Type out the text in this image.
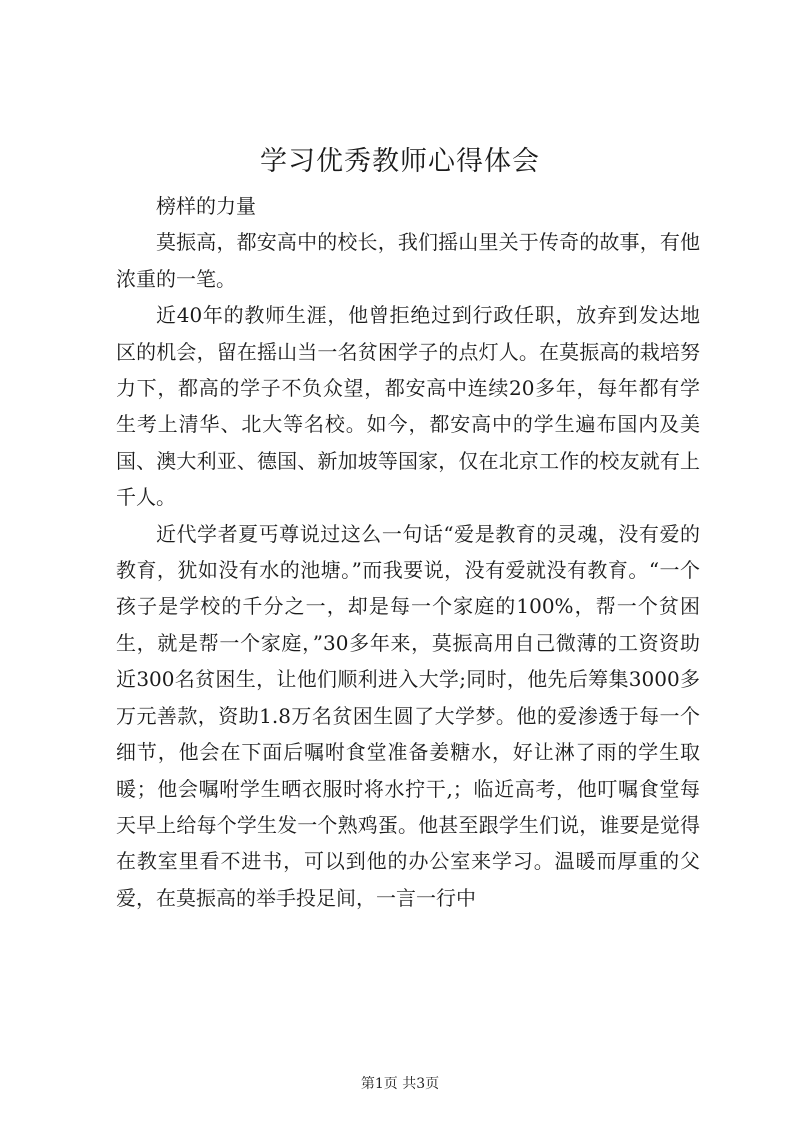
学习优秀教师心得体会

榜样的力量

莫振高，都安高中的校长，我们摇山里关于传奇的故事，有他浓重的一笔。

近40年的教师生涯，他曾拒绝过到行政任职，放弃到发达地区的机会，留在摇山当一名贫困学子的点灯人。在莫振高的栽培努力下，都高的学子不负众望，都安高中连续20多年，每年都有学生考上清华、北大等名校。如今，都安高中的学生遍布国内及美国、澳大利亚、德国、新加坡等国家，仅在北京工作的校友就有上千人。

近代学者夏丐尊说过这么一句话“爱是教育的灵魂，没有爱的教育，犹如没有水的池塘。”而我要说，没有爱就没有教育。“一个孩子是学校的千分之一，却是每一个家庭的100%，帮一个贫困生，就是帮一个家庭，”30多年来，莫振高用自己微薄的工资资助近300名贫困生，让他们顺利进入大学;同时，他先后筹集3000多万元善款，资助1.8万名贫困生圆了大学梦。他的爱渗透于每一个细节，他会在下面后嘱咐食堂准备姜糖水，好让淋了雨的学生取暖；他会嘱咐学生晒衣服时将水拧干,；临近高考，他叮嘱食堂每天早上给每个学生发一个熟鸡蛋。他甚至跟学生们说，谁要是觉得在教室里看不进书，可以到他的办公室来学习。温暖而厚重的父爱，在莫振高的举手投足间，一言一行中

第1页 共3页
